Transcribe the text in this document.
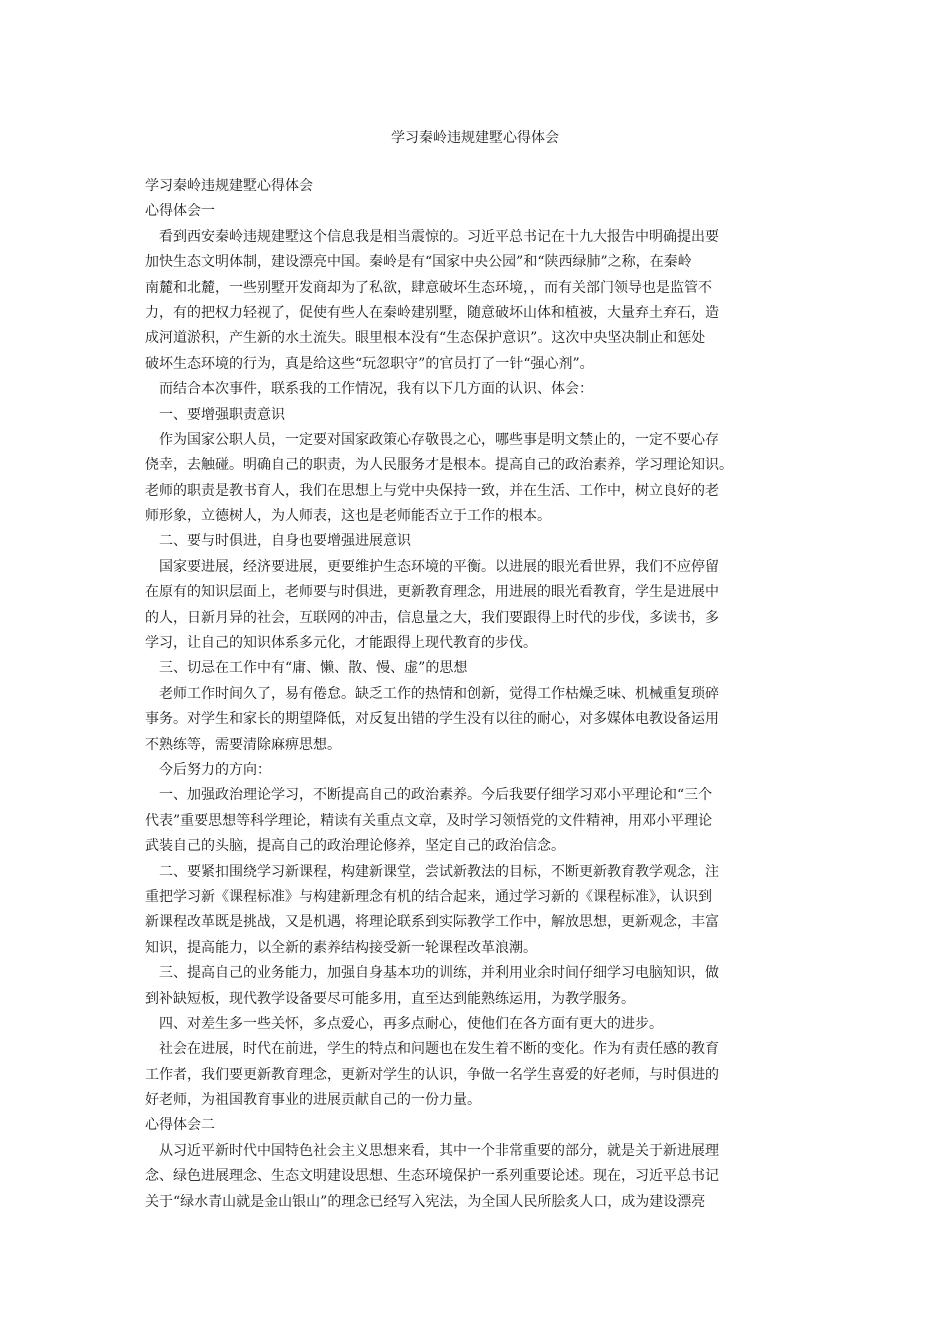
学习秦岭违规建墅心得体会
学习秦岭违规建墅心得体会
心得体会一
看到西安秦岭违规建墅这个信息我是相当震惊的。习近平总书记在十九大报告中明确提出要
加快生态文明体制，建设漂亮中国。秦岭是有“国家中央公园”和“陕西绿肺”之称，在秦岭
南麓和北麓，一些别墅开发商却为了私欲，肆意破坏生态环境，，而有关部门领导也是监管不
力，有的把权力轻视了，促使有些人在秦岭建别墅，随意破坏山体和植被，大量弃土弃石，造
成河道淤积，产生新的水土流失。眼里根本没有“生态保护意识”。这次中央坚决制止和惩处
破坏生态环境的行为，真是给这些“玩忽职守”的官员打了一针“强心剂”。
而结合本次事件，联系我的工作情况，我有以下几方面的认识、体会：
一、要增强职责意识
作为国家公职人员，一定要对国家政策心存敬畏之心，哪些事是明文禁止的，一定不要心存
侥幸，去触碰。明确自己的职责，为人民服务才是根本。提高自己的政治素养，学习理论知识。
老师的职责是教书育人，我们在思想上与党中央保持一致，并在生活、工作中，树立良好的老
师形象，立德树人，为人师表，这也是老师能否立于工作的根本。
二、要与时俱进，自身也要增强进展意识
国家要进展，经济要进展，更要维护生态环境的平衡。以进展的眼光看世界，我们不应停留
在原有的知识层面上，老师要与时俱进，更新教育理念，用进展的眼光看教育，学生是进展中
的人，日新月异的社会，互联网的冲击，信息量之大，我们要跟得上时代的步伐，多读书，多
学习，让自己的知识体系多元化，才能跟得上现代教育的步伐。
三、切忌在工作中有“庸、懒、散、慢、虚”的思想
老师工作时间久了，易有倦怠。缺乏工作的热情和创新，觉得工作枯燥乏味、机械重复琐碎
事务。对学生和家长的期望降低，对反复出错的学生没有以往的耐心，对多媒体电教设备运用
不熟练等，需要清除麻痹思想。
今后努力的方向：
一、加强政治理论学习，不断提高自己的政治素养。今后我要仔细学习邓小平理论和“三个
代表”重要思想等科学理论，精读有关重点文章，及时学习领悟党的文件精神，用邓小平理论
武装自己的头脑，提高自己的政治理论修养，坚定自己的政治信念。
二、要紧扣围绕学习新课程，构建新课堂，尝试新教法的目标，不断更新教育教学观念，注
重把学习新《课程标准》与构建新理念有机的结合起来，通过学习新的《课程标准》，认识到
新课程改革既是挑战，又是机遇，将理论联系到实际教学工作中，解放思想，更新观念，丰富
知识，提高能力，以全新的素养结构接受新一轮课程改革浪潮。
三、提高自己的业务能力，加强自身基本功的训练，并利用业余时间仔细学习电脑知识，做
到补缺短板，现代教学设备要尽可能多用，直至达到能熟练运用，为教学服务。
四、对差生多一些关怀，多点爱心，再多点耐心，使他们在各方面有更大的进步。
社会在进展，时代在前进，学生的特点和问题也在发生着不断的变化。作为有责任感的教育
工作者，我们要更新教育理念，更新对学生的认识，争做一名学生喜爱的好老师，与时俱进的
好老师，为祖国教育事业的进展贡献自己的一份力量。
心得体会二
从习近平新时代中国特色社会主义思想来看，其中一个非常重要的部分，就是关于新进展理
念、绿色进展理念、生态文明建设思想、生态环境保护一系列重要论述。现在，习近平总书记
关于“绿水青山就是金山银山”的理念已经写入宪法，为全国人民所脍炙人口，成为建设漂亮
